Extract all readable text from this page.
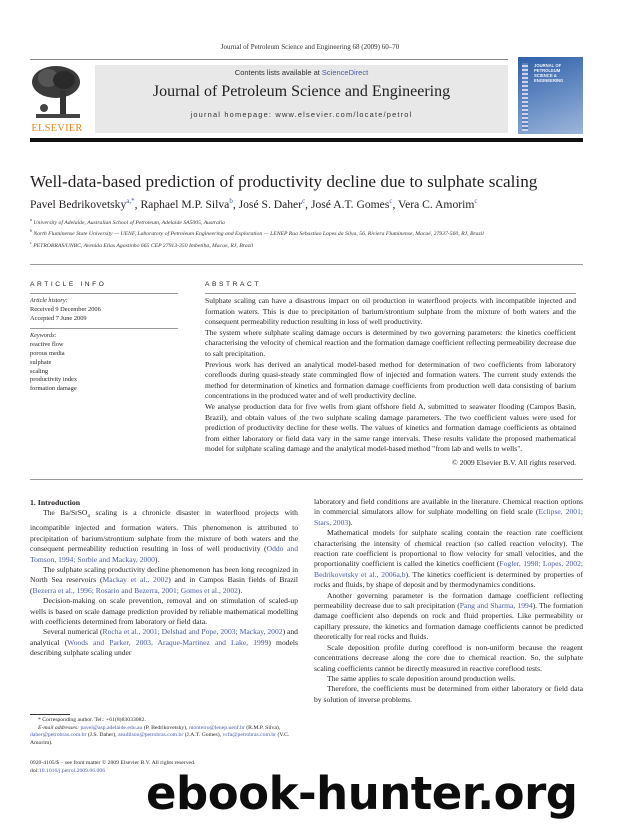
Journal of Petroleum Science and Engineering 68 (2009) 60–70
ELSEVIER
Contents lists available at ScienceDirect
Journal of Petroleum Science and Engineering
journal homepage: www.elsevier.com/locate/petrol
JOURNAL OF PETROLEUM SCIENCE & ENGINEERING
Well-data-based prediction of productivity decline due to sulphate scaling
Pavel Bedrikovetsky$^{a,*}$, Raphael M.P. Silva$^b$, José S. Daher$^c$, José A.T. Gomes$^c$, Vera C. Amorim$^c$
$^a$ University of Adelaide, Australian School of Petroleum, Adelaide SA5005, Australia
$^b$ North Fluminense State University — UENF, Laboratory of Petroleum Engineering and Exploration — LENEP Rua Sebastiao Lopes da Silva, 56. Riviera Fluminense, Macaé, 27937-560, RJ, Brazil
$^c$ PETROBRAS/UNBC, Avenida Elias Agostinho 665 CEP 27913-350 Imbetiba, Macae, RJ, Brazil
ARTICLE INFO
Article history:
Received 9 December 2006
Accepted 7 June 2009
Keywords:
reactive flow
porous media
sulphate
scaling
productivity index
formation damage
ABSTRACT

Sulphate scaling can have a disastrous impact on oil production in waterflood projects with incompatible injected and formation waters. This is due to precipitation of barium/strontium sulphate from the mixture of both waters and the consequent permeability reduction resulting in loss of well productivity.

The system where sulphate scaling damage occurs is determined by two governing parameters: the kinetics coefficient characterising the velocity of chemical reaction and the formation damage coefficient reflecting permeability decrease due to salt precipitation.

Previous work has derived an analytical model-based method for determination of two coefficients from laboratory corefloods during quasi-steady state commingled flow of injected and formation waters. The current study extends the method for determination of kinetics and formation damage coefficients from production well data consisting of barium concentrations in the produced water and of well productivity decline.

We analyse production data for five wells from giant offshore field A, submitted to seawater flooding (Campos Basin, Brazil), and obtain values of the two sulphate scaling damage parameters. The two coefficient values were used for prediction of productivity decline for these wells. The values of kinetics and formation damage coefficients as obtained from either laboratory or field data vary in the same range intervals. These results validate the proposed mathematical model for sulphate scaling damage and the analytical model-based method "from lab and wells to wells".

© 2009 Elsevier B.V. All rights reserved.

1. Introduction

The Ba/SrSO$_4$ scaling is a chronicle disaster in waterflood projects with incompatible injected and formation waters. This phenomenon is attributed to precipitation of barium/strontium sulphate from the mixture of both waters and the consequent permeability reduction resulting in loss of well productivity (Oddo and Tomson, 1994; Sorbie and Mackay, 2000).

The sulphate scaling productivity decline phenomenon has been long recognized in North Sea reservoirs (Mackay et al., 2002) and in Campos Basin fields of Brazil (Bezerra et al., 1996; Rosario and Bezerra, 2001; Gomes et al., 2002).

Decision-making on scale prevention, removal and on stimulation of scaled-up wells is based on scale damage prediction provided by reliable mathematical modelling with coefficients determined from laboratory or field data.

Several numerical (Rocha et al., 2001; Delshad and Pope, 2003; Mackay, 2002) and analytical (Woods and Parker, 2003, Araque-Martinez and Lake, 1999) models describing sulphate scaling under

laboratory and field conditions are available in the literature. Chemical reaction options in commercial simulators allow for sulphate modelling on field scale (Eclipse, 2001; Stars, 2003).

Mathematical models for sulphate scaling contain the reaction rate coefficient characterising the intensity of chemical reaction (so called reaction velocity). The reaction rate coefficient is proportional to flow velocity for small velocities, and the proportionality coefficient is called the kinetics coefficient (Fogler, 1998; Lopes, 2002; Bedrikovetsky et al., 2006a,b). The kinetics coefficient is determined by properties of rocks and fluids, by shape of deposit and by thermodynamics conditions.

Another governing parameter is the formation damage coefficient reflecting permeability decrease due to salt precipitation (Pang and Sharma, 1994). The formation damage coefficient also depends on rock and fluid properties. Like permeability or capillary pressure, the kinetics and formation damage coefficients cannot be predicted theoretically for real rocks and fluids.

Scale deposition profile during coreflood is non-uniform because the reagent concentrations decrease along the core due to chemical reaction. So, the sulphate scaling coefficients cannot be directly measured in reactive coreflood tests.

The same applies to scale deposition around production wells.

Therefore, the coefficients must be determined from either laboratory or field data by solution of inverse problems.

* Corresponding author. Tel.: +61(8)83033082.
E-mail addresses: pavel@asp.adelaide.edu.au (P. Bedrikovetsky), monteiro@lenep.uenf.br (R.M.P. Silva), daher@petrobras.com.br (J.S. Daher), zeadilson@petrobras.com.br (J.A.T. Gomes), vcfa@petrobras.com.br (V.C. Amorim).
0920-4105/$ – see front matter © 2009 Elsevier B.V. All rights reserved.
doi:10.1016/j.petrol.2009.06.006 ebook-hunter.org
